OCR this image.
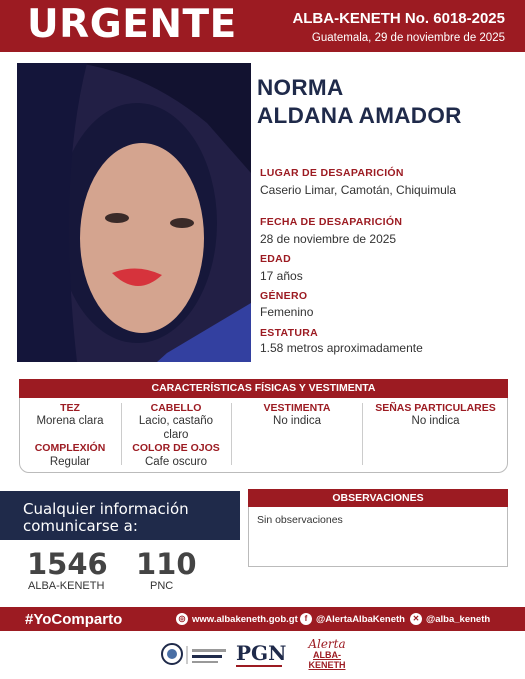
URGENTE	ALBA-KENETH No. 6018-2025
Guatemala, 29 de noviembre de 2025
NORMA
ALDANA AMADOR
LUGAR DE DESAPARICIÓN
Caserio Limar, Camotán, Chiquimula
FECHA DE DESAPARICIÓN
28 de noviembre de 2025
EDAD
17 años
GÉNERO
Femenino
ESTATURA
1.58 metros aproximadamente
CARACTERÍSTICAS FÍSICAS Y VESTIMENTA
TEZ
Morena clara
COMPLEXIÓN
Regular
CABELLO
Lacio, castaño
claro
COLOR DE OJOS
Cafe oscuro
VESTIMENTA
No indica
SEÑAS PARTICULARES
No indica
Cualquier información
comunicarse a:
1546
ALBA-KENETH
110
PNC
OBSERVACIONES
Sin observaciones
#YoComparto	◎ www.albakeneth.gob.gt f @AlertaAlbaKeneth ✕ @alba_keneth
PGN	Alerta
ALBA-KENETH
